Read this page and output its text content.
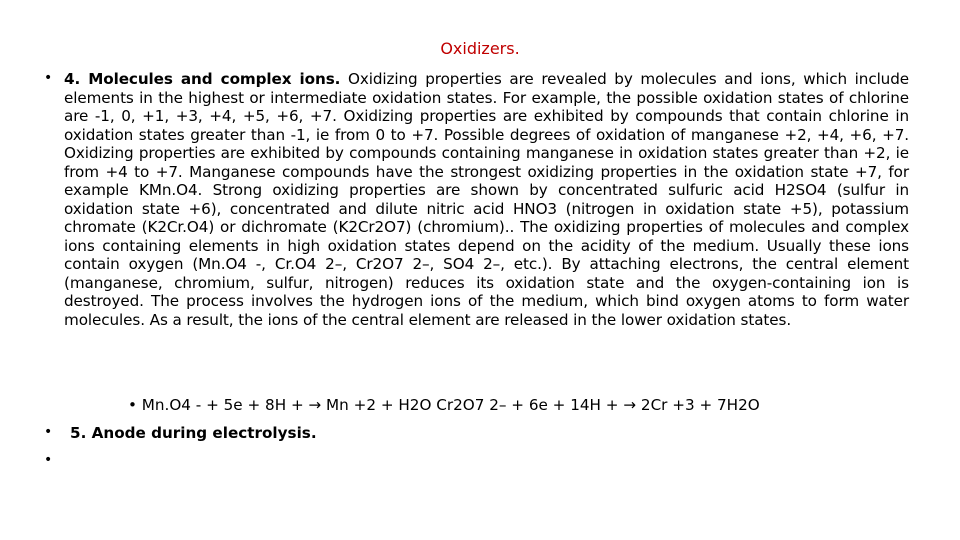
Oxidizers.
• 4. Molecules and complex ions. Oxidizing properties are revealed by molecules and ions, which include elements in the highest or intermediate oxidation states. For example, the possible oxidation states of chlorine are -1, 0, +1, +3, +4, +5, +6, +7. Oxidizing properties are exhibited by compounds that contain chlorine in oxidation states greater than -1, ie from 0 to +7. Possible degrees of oxidation of manganese +2, +4, +6, +7. Oxidizing properties are exhibited by compounds containing manganese in oxidation states greater than +2, ie from +4 to +7. Manganese compounds have the strongest oxidizing properties in the oxidation state +7, for example KMn.O4. Strong oxidizing properties are shown by concentrated sulfuric acid H2SO4 (sulfur in oxidation state +6), concentrated and dilute nitric acid HNO3 (nitrogen in oxidation state +5), potassium chromate (K2Cr.O4) or dichromate (K2Cr2O7) (chromium).. The oxidizing properties of molecules and complex ions containing elements in high oxidation states depend on the acidity of the medium. Usually these ions contain oxygen (Mn.O4 -, Cr.O4 2–, Cr2O7 2–, SO4 2–, etc.). By attaching electrons, the central element (manganese, chromium, sulfur, nitrogen) reduces its oxidation state and the oxygen-containing ion is destroyed. The process involves the hydrogen ions of the medium, which bind oxygen atoms to form water molecules. As a result, the ions of the central element are released in the lower oxidation states.
• Mn.O4 - + 5e + 8H + → Mn +2 + H2O Cr2O7 2– + 6e + 14H + → 2Cr +3 + 7H2O
•	5. Anode during electrolysis.
•
